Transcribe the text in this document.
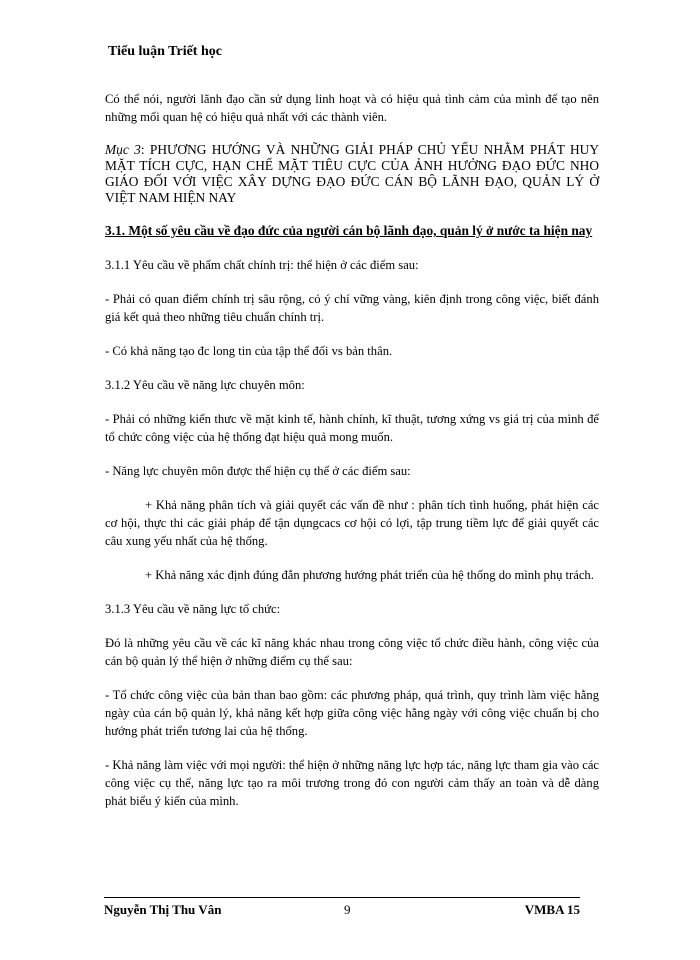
Tiểu luận Triết học

Có thể nói, người lãnh đạo cần sử dụng linh hoạt và có hiệu quả tình cảm của mình để tạo nên những mối quan hệ có hiệu quả nhất với các thành viên.

Mục 3: PHƯƠNG HƯỚNG VÀ NHỮNG GIẢI PHÁP CHỦ YẾU NHẰM PHÁT HUY MẶT TÍCH CỰC, HẠN CHẾ MẶT TIÊU CỰC CỦA ẢNH HƯỞNG ĐẠO ĐỨC NHO GIÁO ĐỐI VỚI VIỆC XÂY DỰNG ĐẠO ĐỨC CÁN BỘ LÃNH ĐẠO, QUẢN LÝ Ở VIỆT NAM HIỆN NAY

3.1. Một số yêu cầu về đạo đức của người cán bộ lãnh đạo, quản lý ở nước ta hiện nay

3.1.1 Yêu cầu về phẩm chất chính trị: thể hiện ở các điểm sau:

- Phải có quan điểm chính trị sâu rộng, có ý chí vững vàng, kiên định trong công việc, biết đánh giá kết quả theo những tiêu chuẩn chính trị.

- Có khả năng tạo đc long tin của tập thể đối vs bản thân.

3.1.2 Yêu cầu về năng lực chuyên môn:

- Phải có những kiến thưc về mặt kinh tế, hành chính, kĩ thuật, tương xứng vs giá trị của mình để tổ chức công việc của hệ thống đạt hiệu quả mong muốn.

- Năng lực chuyên môn được thể hiện cụ thể ở các điểm sau:

+ Khả năng phân tích và giải quyết các vấn đề như : phân tích tình huống, phát hiện các cơ hội, thực thi các giải pháp để tận dụngcacs cơ hội có lợi, tập trung tiềm lực để giải quyết các câu xung yếu nhất của hệ thống.

+ Khả năng xác định đúng đắn phương hướng phát triển của hệ thống do mình phụ trách.

3.1.3 Yêu cầu về năng lực tổ chức:

Đó là những yêu cầu về các kĩ năng khác nhau trong công việc tổ chức điều hành, công việc của cán bộ quản lý thể hiện ở những điểm cụ thể sau:

- Tổ chức công việc của bản than bao gồm: các phương pháp, quá trình, quy trình làm việc hằng ngày của cán bộ quản lý, khả năng kết hợp giữa công việc hằng ngày với công việc chuẩn bị cho hướng phát triển tương lai của hệ thống.

- Khả năng làm việc với mọi người: thể hiện ở những năng lực hợp tác, năng lực tham gia vào các công việc cụ thể, năng lực tạo ra môi trương trong đó con người cảm thấy an toàn và dễ dàng phát biểu ý kiến của mình.

Nguyễn Thị Thu Vân	9	VMBA 15
